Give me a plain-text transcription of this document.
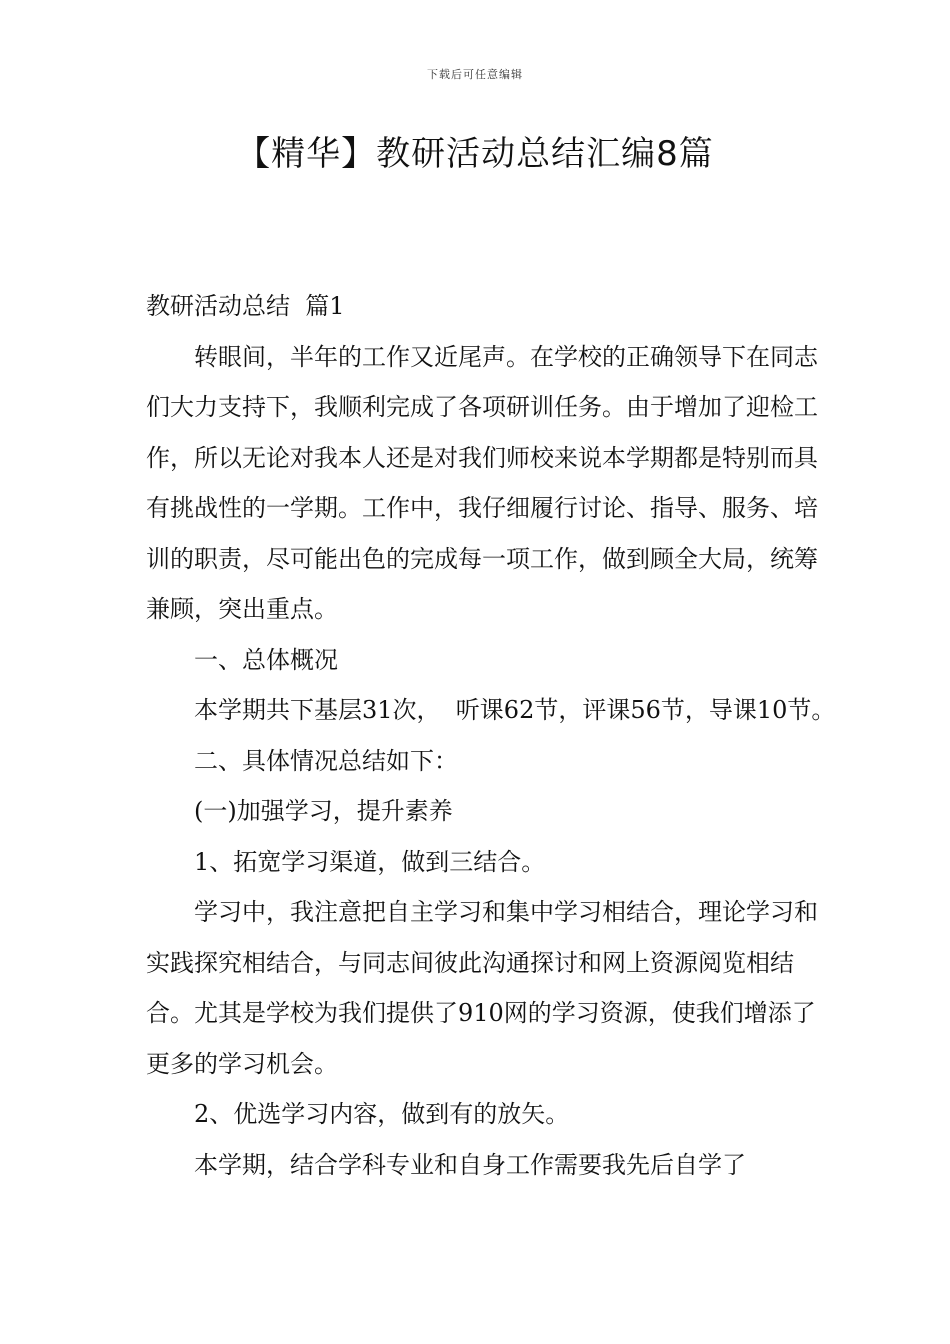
下载后可任意编辑
【精华】教研活动总结汇编8篇

教研活动总结  篇1

转眼间，半年的工作又近尾声。在学校的正确领导下在同志们大力支持下，我顺利完成了各项研训任务。由于增加了迎检工作，所以无论对我本人还是对我们师校来说本学期都是特别而具有挑战性的一学期。工作中，我仔细履行讨论、指导、服务、培训的职责，尽可能出色的完成每一项工作，做到顾全大局，统筹兼顾，突出重点。

一、总体概况

本学期共下基层31次，  听课62节，评课56节，导课10节。

二、具体情况总结如下：

(一)加强学习，提升素养

1、拓宽学习渠道，做到三结合。

学习中，我注意把自主学习和集中学习相结合，理论学习和实践探究相结合，与同志间彼此沟通探讨和网上资源阅览相结合。尤其是学校为我们提供了910网的学习资源，使我们增添了更多的学习机会。

2、优选学习内容，做到有的放矢。

本学期，结合学科专业和自身工作需要我先后自学了
